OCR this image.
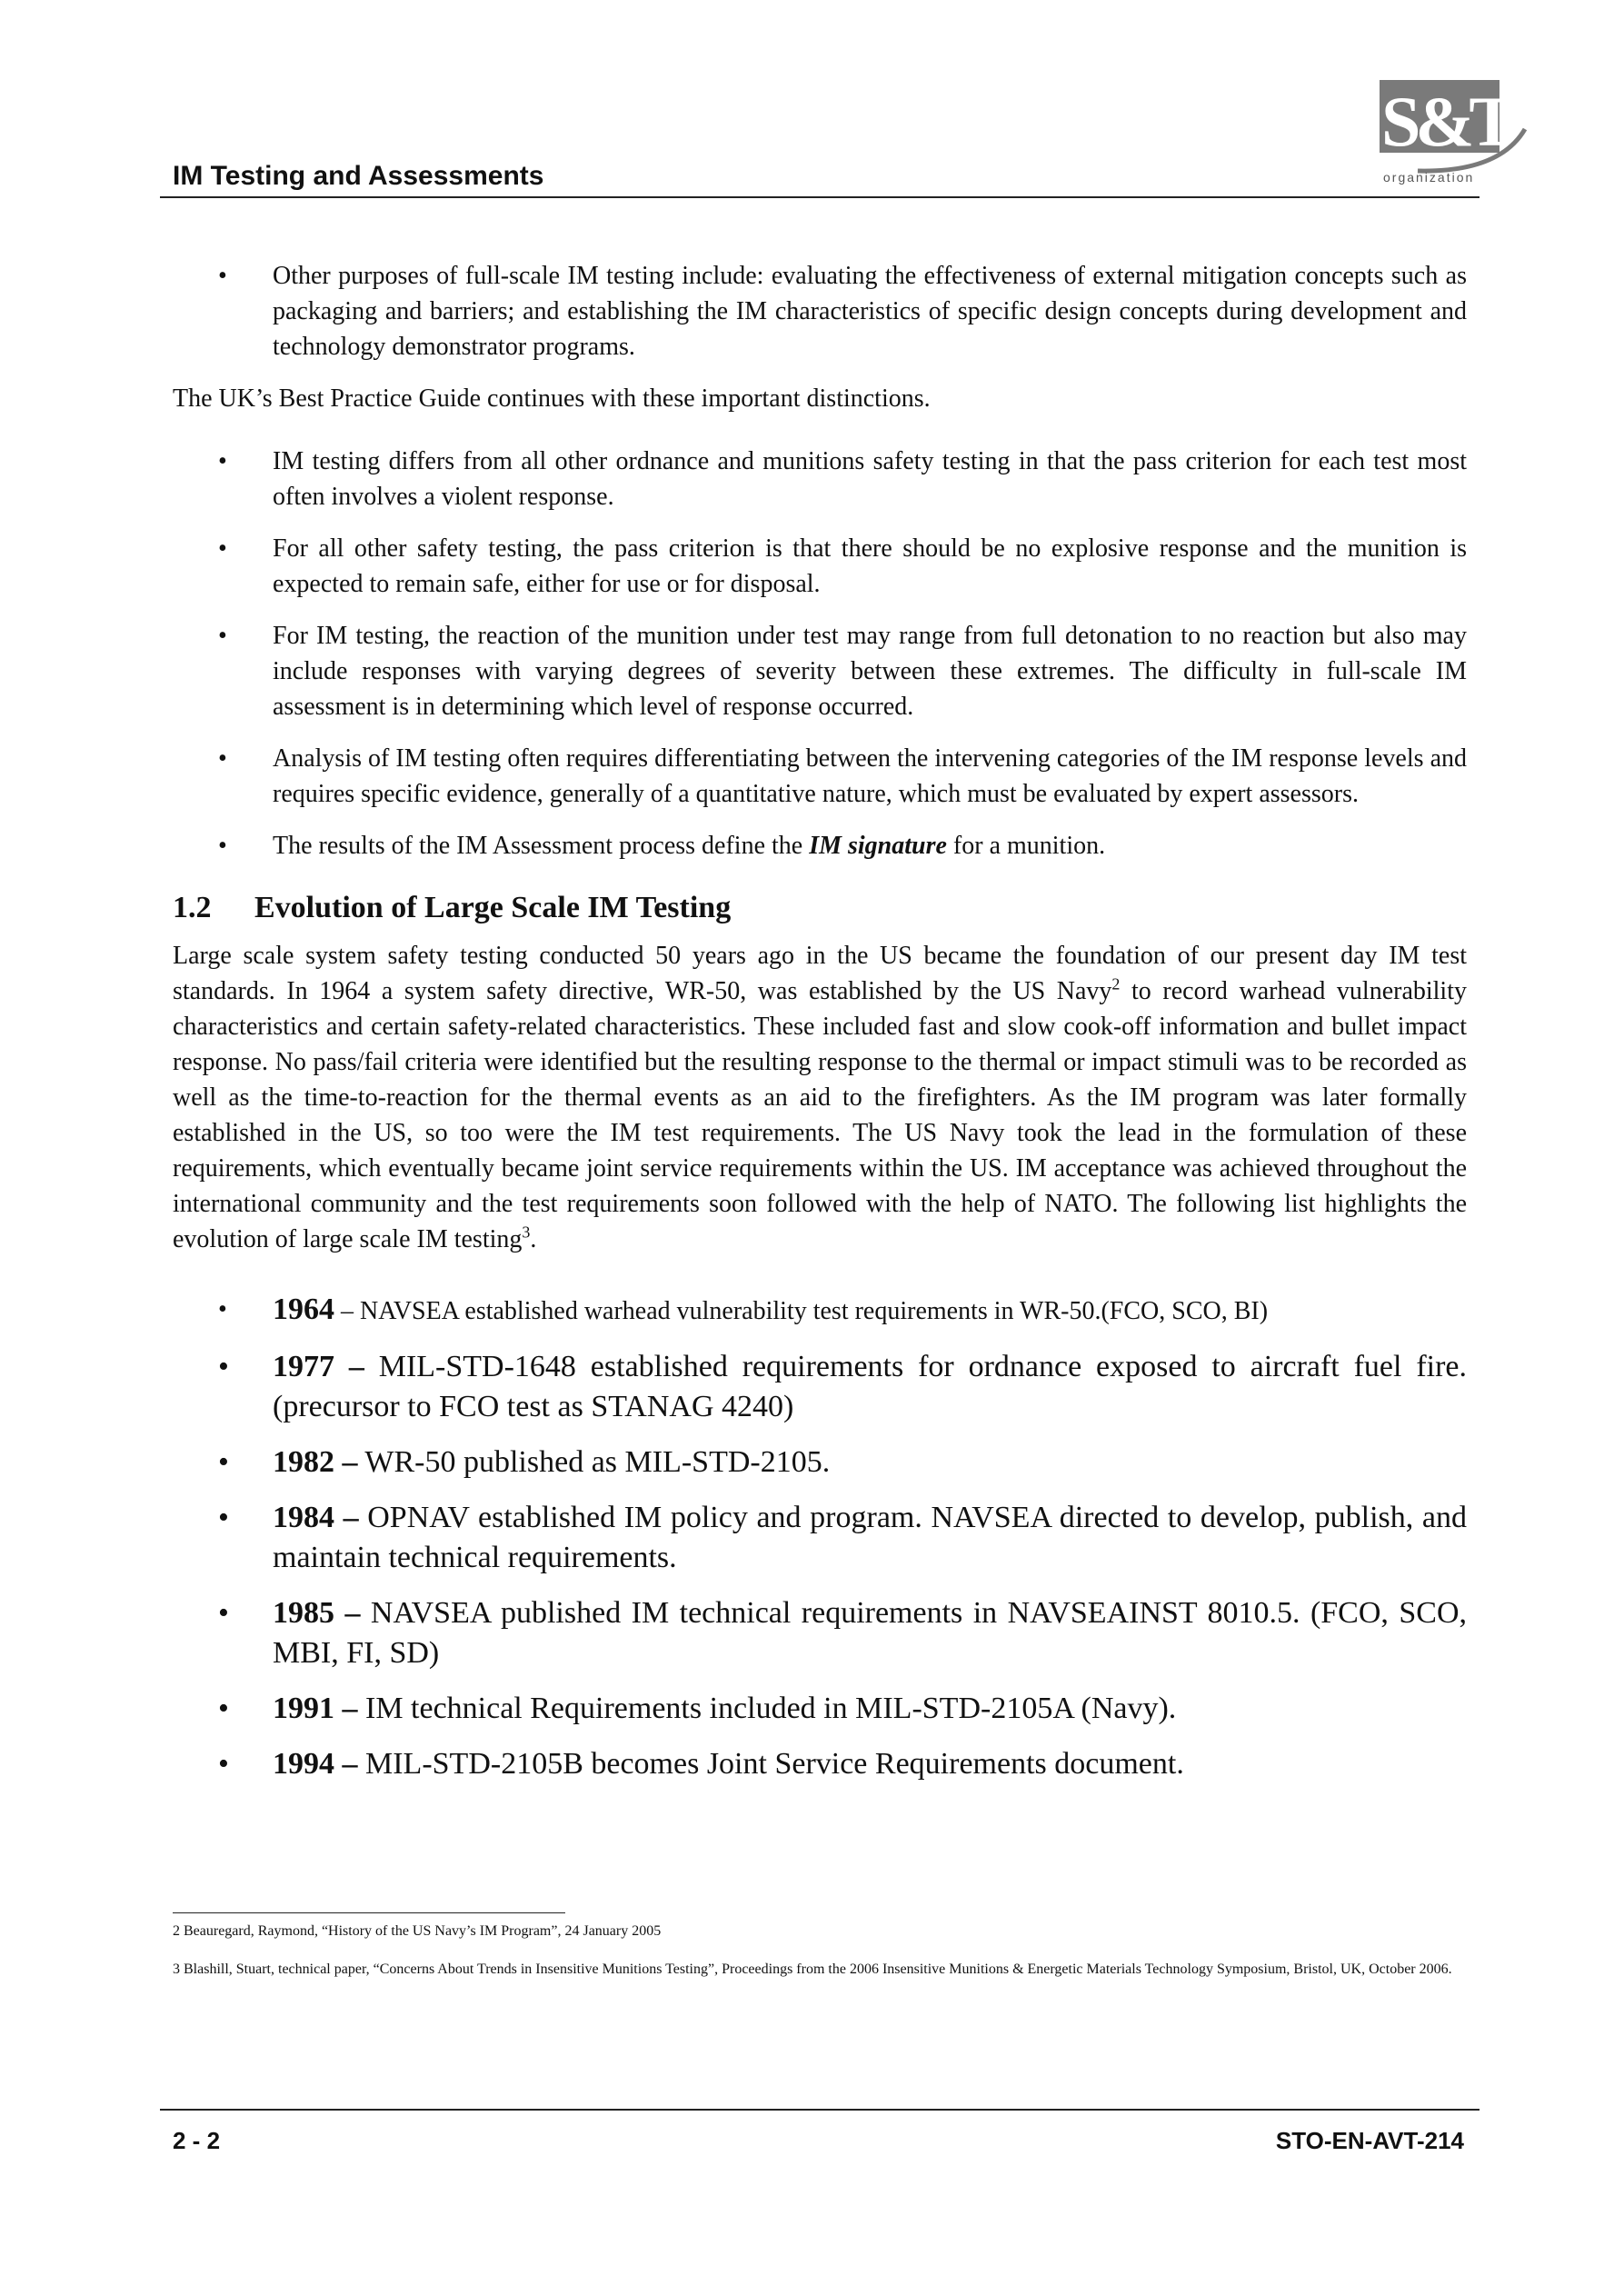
IM Testing and Assessments
S&T
organization
• Other purposes of full-scale IM testing include: evaluating the effectiveness of external mitigation concepts such as packaging and barriers; and establishing the IM characteristics of specific design concepts during development and technology demonstrator programs.

The UK’s Best Practice Guide continues with these important distinctions.

• IM testing differs from all other ordnance and munitions safety testing in that the pass criterion for each test most often involves a violent response.
• For all other safety testing, the pass criterion is that there should be no explosive response and the munition is expected to remain safe, either for use or for disposal.
• For IM testing, the reaction of the munition under test may range from full detonation to no reaction but also may include responses with varying degrees of severity between these extremes. The difficulty in full-scale IM assessment is in determining which level of response occurred.
• Analysis of IM testing often requires differentiating between the intervening categories of the IM response levels and requires specific evidence, generally of a quantitative nature, which must be evaluated by expert assessors.
• The results of the IM Assessment process define the IM signature for a munition.
1.2 Evolution of Large Scale IM Testing

Large scale system safety testing conducted 50 years ago in the US became the foundation of our present day IM test standards. In 1964 a system safety directive, WR-50, was established by the US Navy$^2$ to record warhead vulnerability characteristics and certain safety-related characteristics. These included fast and slow cook-off information and bullet impact response. No pass/fail criteria were identified but the resulting response to the thermal or impact stimuli was to be recorded as well as the time-to-reaction for the thermal events as an aid to the firefighters. As the IM program was later formally established in the US, so too were the IM test requirements. The US Navy took the lead in the formulation of these requirements, which eventually became joint service requirements within the US. IM acceptance was achieved throughout the international community and the test requirements soon followed with the help of NATO. The following list highlights the evolution of large scale IM testing$^3$.

• 1964 – NAVSEA established warhead vulnerability test requirements in WR-50.(FCO, SCO, BI)
• 1977 – MIL-STD-1648 established requirements for ordnance exposed to aircraft fuel fire. (precursor to FCO test as STANAG 4240)
• 1982 – WR-50 published as MIL-STD-2105.
• 1984 – OPNAV established IM policy and program. NAVSEA directed to develop, publish, and maintain technical requirements.
• 1985 – NAVSEA published IM technical requirements in NAVSEAINST 8010.5. (FCO, SCO, MBI, FI, SD)
• 1991 – IM technical Requirements included in MIL-STD-2105A (Navy).
• 1994 – MIL-STD-2105B becomes Joint Service Requirements document.
2 Beauregard, Raymond, “History of the US Navy’s IM Program”, 24 January 2005
3 Blashill, Stuart, technical paper, “Concerns About Trends in Insensitive Munitions Testing”, Proceedings from the 2006 Insensitive Munitions & Energetic Materials Technology Symposium, Bristol, UK, October 2006.
2 - 2	STO-EN-AVT-214
